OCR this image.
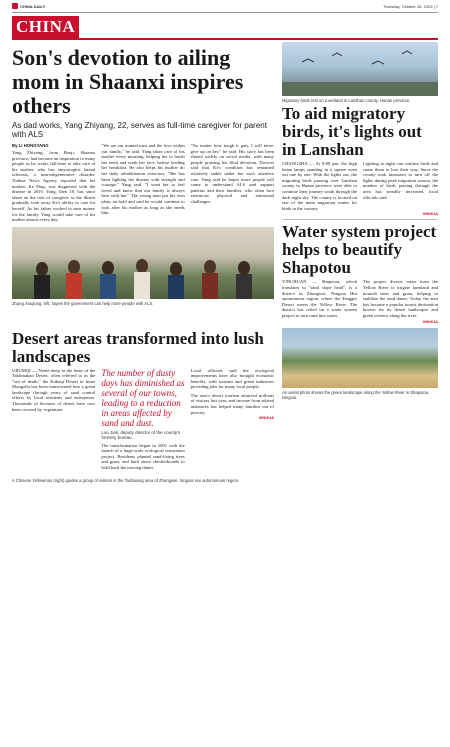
CHINA DAILY	Thursday, October 26, 2023 | 7
CHINA
Son's devotion to ailing mom in Shaanxi inspires others
As dad works, Yang Zhiyang, 22, serves as full-time caregiver for parent with ALS
By LI HONGYANG
Yang Zhiyang, from Baoji, Shaanxi province, had become an inspiration to many people as he works full-time to take care of his mother, who has amyotrophic lateral sclerosis, a neurodegenerative disorder. Xinhua News Agency reported that his mother, Ke Ping, was diagnosed with the disease in 2019. Yang, then 18, has since taken on the role of caregiver as the illness gradually took away Ke's ability to care for herself. As his father worked to earn money for the family, Yang would take care of his mother almost every day.
"We are our mutual trust and the love within our family," he said. Yang takes care of his mother every morning, helping her to brush her teeth and wash her face, before feeding her breakfast. He also helps his mother do her daily rehabilitation exercises. "She has been fighting the disease with strength and courage," Yang said. "I want her to feel loved and know that our family is always here with her." The young man put his own plans on hold and said he would continue to look after his mother as long as she needs him.
"No matter how tough it gets, I will never give up on her," he said. His story has been shared widely on social media, with many people praising his filial devotion. Doctors said that Ke's condition has remained relatively stable under her son's attentive care. Yang said he hopes more people will come to understand ALS and support patients and their families, who often face enormous physical and emotional challenges.
Zhang Xiuqiong, left, hopes the government can help more people with ALS.
Migratory birds rest on a wetland in Lanshan county, Hunan province.
To aid migratory birds, it's lights out in Lanshan
CHANGSHA — At 8:00 pm, the high beam lamps standing in a square went out one by one. With the lights out, the migrating birds passing over Lanshan county in Hunan province were able to continue their journey south through the dark night sky. The county is located on one of the main migration routes for birds in the country.
Lighting at night can confuse birds and cause them to lose their way. Since the county took measures to turn off the lights during peak migration season, the number of birds passing through the area has steadily increased, local officials said.
XINHUA
Water system project helps to beautify Shapotou
YINCHUAN — Shapotou, which translates to "sand slope head", is a district in Zhongwei, Ningxia Hui autonomous region, where the Tengger Desert meets the Yellow River. The district has relied on a water system project to turn sand into oases.
The project diverts water from the Yellow River to irrigate farmland and nourish trees and grass, helping to stabilize the sand dunes. Today, the area has become a popular tourist destination known for its desert landscapes and green scenery along the river.
XINHUA
Desert areas transformed into lush landscapes
URUMQI — Noted deep in the heart of the Taklimakan Desert, often referred to as the "sea of death," the Kubuqi Desert in Inner Mongolia has been transformed into a green landscape through years of sand control efforts by local residents and enterprises. Thousands of hectares of desert have now been covered by vegetation.
The number of dusty days has diminished as several of our towns, leading to a reduction in areas affected by sand and dust.
Lou Jiali, deputy director of the county's forestry bureau
The transformation began in 2001 with the launch of a large-scale ecological restoration project. Residents planted sand-fixing trees and grass, and built straw checkerboards to hold back the moving dunes.
Local officials said the ecological improvements have also brought economic benefits, with tourism and green industries providing jobs for many local people.
The area's desert tourism attracted millions of visitors last year, and income from related industries has helped many families out of poverty.
XINHUA
An aerial photo shows the green landscape along the Yellow River in Shapotou, Ningxia.
A Chinese Yellowman (right) guides a group of visitors in the Taobuxing area of Zhongwei, Ningxia Hui autonomous region.
